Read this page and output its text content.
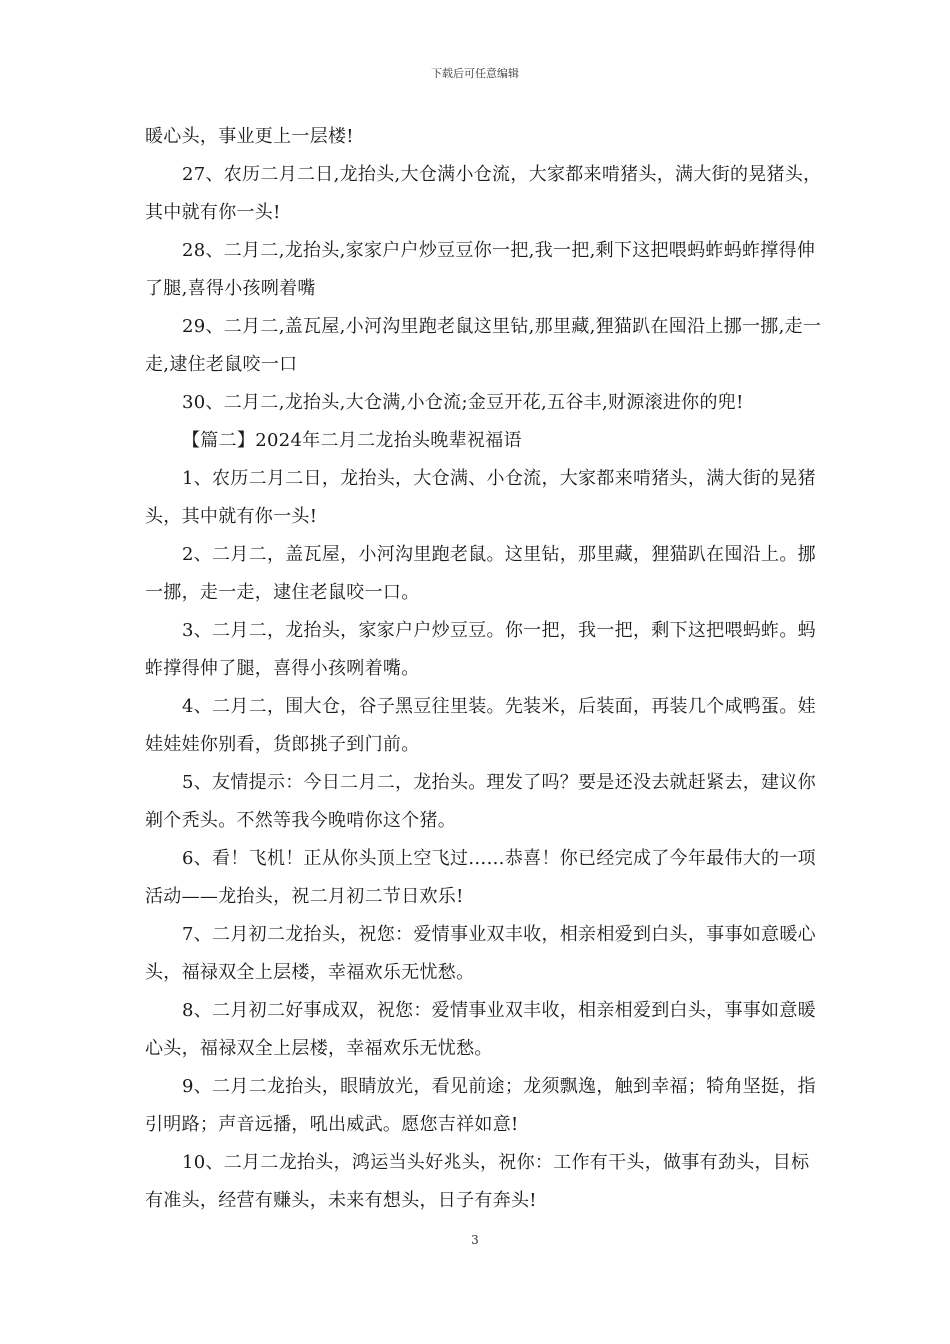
下载后可任意编辑

暖心头，事业更上一层楼!

27、农历二月二日,龙抬头,大仓满小仓流，大家都来啃猪头，满大街的晃猪头，其中就有你一头!

28、二月二,龙抬头,家家户户炒豆豆你一把,我一把,剩下这把喂蚂蚱蚂蚱撑得伸了腿,喜得小孩咧着嘴

29、二月二,盖瓦屋,小河沟里跑老鼠这里钻,那里藏,狸猫趴在囤沿上挪一挪,走一走,逮住老鼠咬一口

30、二月二,龙抬头,大仓满,小仓流;金豆开花,五谷丰,财源滚进你的兜!

【篇二】2024年二月二龙抬头晚辈祝福语

1、农历二月二日，龙抬头，大仓满、小仓流，大家都来啃猪头，满大街的晃猪头，其中就有你一头!

2、二月二，盖瓦屋，小河沟里跑老鼠。这里钻，那里藏，狸猫趴在囤沿上。挪一挪，走一走，逮住老鼠咬一口。

3、二月二，龙抬头，家家户户炒豆豆。你一把，我一把，剩下这把喂蚂蚱。蚂蚱撑得伸了腿，喜得小孩咧着嘴。

4、二月二，围大仓，谷子黑豆往里装。先装米，后装面，再装几个咸鸭蛋。娃娃娃娃你别看，货郎挑子到门前。

5、友情提示：今日二月二，龙抬头。理发了吗？要是还没去就赶紧去，建议你剃个秃头。不然等我今晚啃你这个猪。

6、看！飞机！正从你头顶上空飞过……恭喜！你已经完成了今年最伟大的一项活动——龙抬头，祝二月初二节日欢乐!

7、二月初二龙抬头，祝您：爱情事业双丰收，相亲相爱到白头，事事如意暖心头，福禄双全上层楼，幸福欢乐无忧愁。

8、二月初二好事成双，祝您：爱情事业双丰收，相亲相爱到白头，事事如意暖心头，福禄双全上层楼，幸福欢乐无忧愁。

9、二月二龙抬头，眼睛放光，看见前途；龙须飘逸，触到幸福；犄角坚挺，指引明路；声音远播，吼出威武。愿您吉祥如意!

10、二月二龙抬头，鸿运当头好兆头，祝你：工作有干头，做事有劲头，目标有准头，经营有赚头，未来有想头，日子有奔头!

3
